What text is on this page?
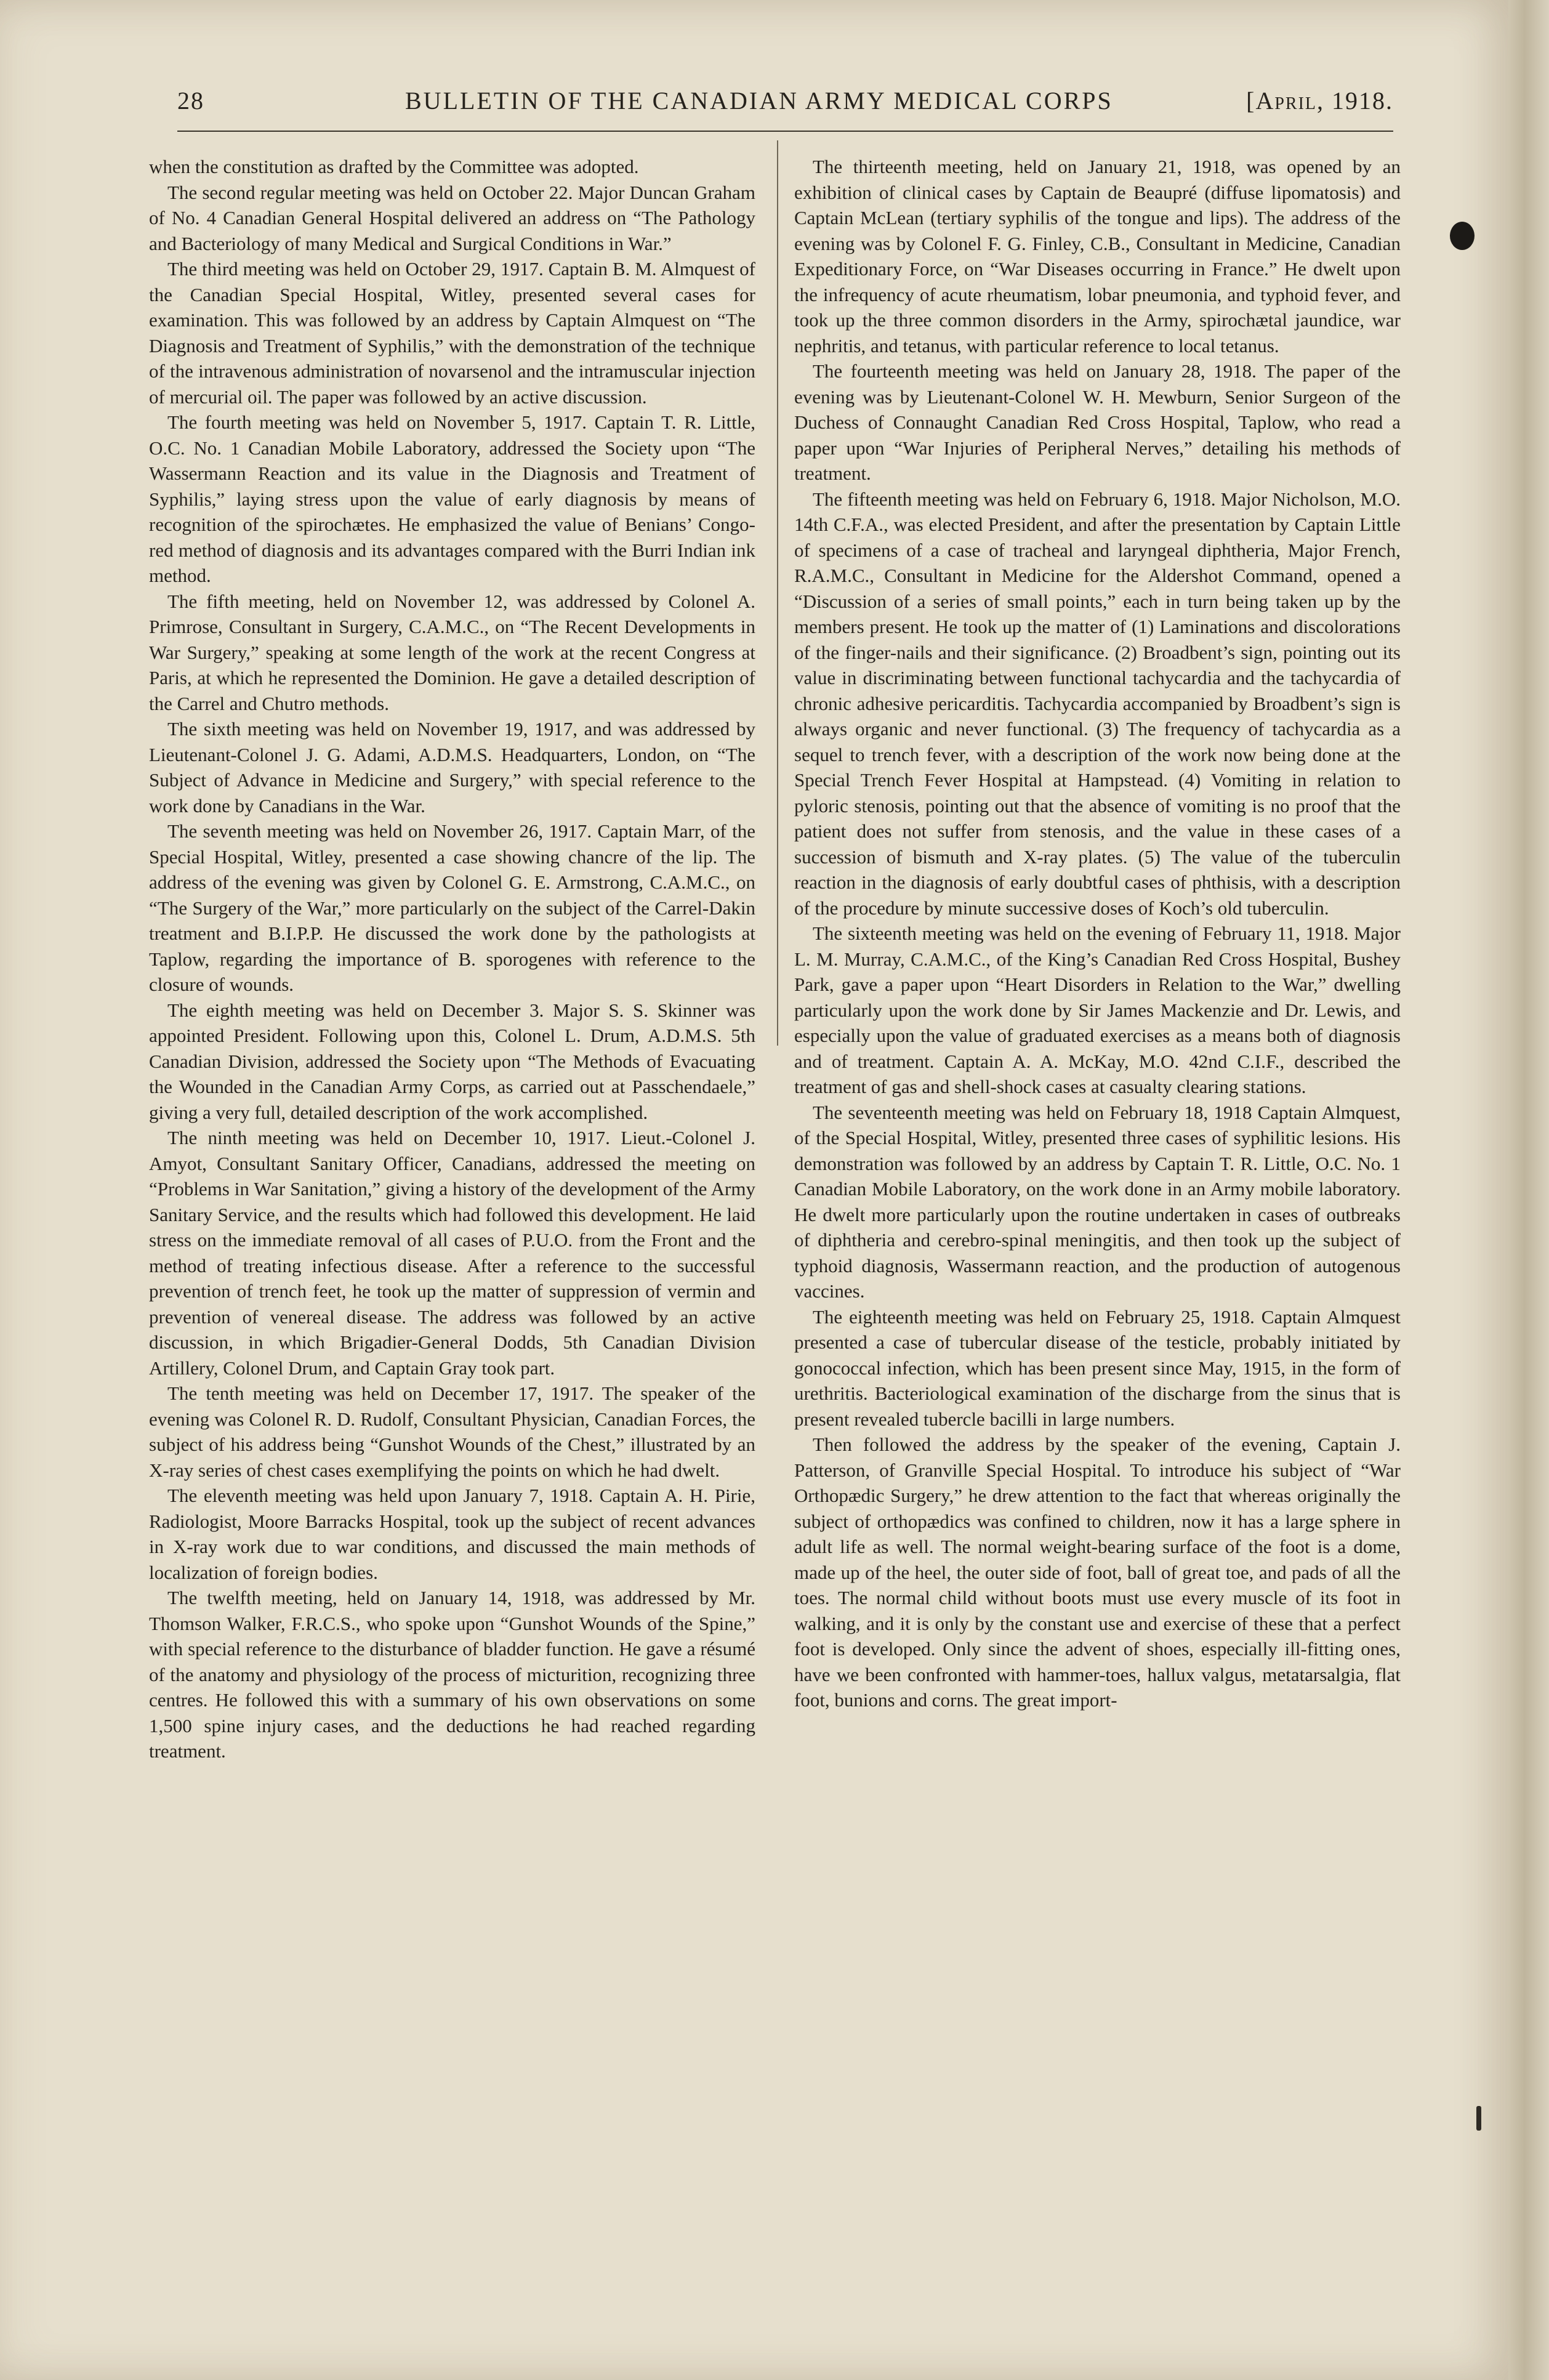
28	BULLETIN OF THE CANADIAN ARMY MEDICAL CORPS	[April, 1918.

when the constitution as drafted by the Committee was adopted.

The second regular meeting was held on October 22. Major Duncan Graham of No. 4 Canadian General Hospital delivered an address on “The Pathology and Bacteriology of many Medical and Surgical Conditions in War.”

The third meeting was held on October 29, 1917. Captain B. M. Almquest of the Canadian Special Hospital, Witley, presented several cases for examination. This was followed by an address by Captain Almquest on “The Diagnosis and Treatment of Syphilis,” with the demonstration of the technique of the intravenous administration of novarsenol and the intramuscular injection of mercurial oil. The paper was followed by an active discussion.

The fourth meeting was held on November 5, 1917. Captain T. R. Little, O.C. No. 1 Canadian Mobile Laboratory, addressed the Society upon “The Wassermann Reaction and its value in the Diagnosis and Treatment of Syphilis,” laying stress upon the value of early diagnosis by means of recognition of the spirochætes. He emphasized the value of Benians’ Congo-red method of diagnosis and its advantages compared with the Burri Indian ink method.

The fifth meeting, held on November 12, was addressed by Colonel A. Primrose, Consultant in Surgery, C.A.M.C., on “The Recent Developments in War Surgery,” speaking at some length of the work at the recent Congress at Paris, at which he represented the Dominion. He gave a detailed description of the Carrel and Chutro methods.

The sixth meeting was held on November 19, 1917, and was addressed by Lieutenant-Colonel J. G. Adami, A.D.M.S. Headquarters, London, on “The Subject of Advance in Medicine and Surgery,” with special reference to the work done by Canadians in the War.

The seventh meeting was held on November 26, 1917. Captain Marr, of the Special Hospital, Witley, presented a case showing chancre of the lip. The address of the evening was given by Colonel G. E. Armstrong, C.A.M.C., on “The Surgery of the War,” more particularly on the subject of the Carrel-Dakin treatment and B.I.P.P. He discussed the work done by the pathologists at Taplow, regarding the importance of B. sporogenes with reference to the closure of wounds.

The eighth meeting was held on December 3. Major S. S. Skinner was appointed President. Following upon this, Colonel L. Drum, A.D.M.S. 5th Canadian Division, addressed the Society upon “The Methods of Evacuating the Wounded in the Canadian Army Corps, as carried out at Passchendaele,” giving a very full, detailed description of the work accomplished.

The ninth meeting was held on December 10, 1917. Lieut.-Colonel J. Amyot, Consultant Sanitary Officer, Canadians, addressed the meeting on “Problems in War Sanitation,” giving a history of the development of the Army Sanitary Service, and the results which had followed this development. He laid stress on the immediate removal of all cases of P.U.O. from the Front and the method of treating infectious disease. After a reference to the successful prevention of trench feet, he took up the matter of suppression of vermin and prevention of venereal disease. The address was followed by an active discussion, in which Brigadier-General Dodds, 5th Canadian Division Artillery, Colonel Drum, and Captain Gray took part.

The tenth meeting was held on December 17, 1917. The speaker of the evening was Colonel R. D. Rudolf, Consultant Physician, Canadian Forces, the subject of his address being “Gunshot Wounds of the Chest,” illustrated by an X-ray series of chest cases exemplifying the points on which he had dwelt.

The eleventh meeting was held upon January 7, 1918. Captain A. H. Pirie, Radiologist, Moore Barracks Hospital, took up the subject of recent advances in X-ray work due to war conditions, and discussed the main methods of localization of foreign bodies.

The twelfth meeting, held on January 14, 1918, was addressed by Mr. Thomson Walker, F.R.C.S., who spoke upon “Gunshot Wounds of the Spine,” with special reference to the disturbance of bladder function. He gave a résumé of the anatomy and physiology of the process of micturition, recognizing three centres. He followed this with a summary of his own observations on some 1,500 spine injury cases, and the deductions he had reached regarding treatment.

The thirteenth meeting, held on January 21, 1918, was opened by an exhibition of clinical cases by Captain de Beaupré (diffuse lipomatosis) and Captain McLean (tertiary syphilis of the tongue and lips). The address of the evening was by Colonel F. G. Finley, C.B., Consultant in Medicine, Canadian Expeditionary Force, on “War Diseases occurring in France.” He dwelt upon the infrequency of acute rheumatism, lobar pneumonia, and typhoid fever, and took up the three common disorders in the Army, spirochætal jaundice, war nephritis, and tetanus, with particular reference to local tetanus.

The fourteenth meeting was held on January 28, 1918. The paper of the evening was by Lieutenant-Colonel W. H. Mewburn, Senior Surgeon of the Duchess of Connaught Canadian Red Cross Hospital, Taplow, who read a paper upon “War Injuries of Peripheral Nerves,” detailing his methods of treatment.

The fifteenth meeting was held on February 6, 1918. Major Nicholson, M.O. 14th C.F.A., was elected President, and after the presentation by Captain Little of specimens of a case of tracheal and laryngeal diphtheria, Major French, R.A.M.C., Consultant in Medicine for the Aldershot Command, opened a “Discussion of a series of small points,” each in turn being taken up by the members present. He took up the matter of (1) Laminations and discolorations of the finger-nails and their significance. (2) Broadbent’s sign, pointing out its value in discriminating between functional tachycardia and the tachycardia of chronic adhesive pericarditis. Tachycardia accompanied by Broadbent’s sign is always organic and never functional. (3) The frequency of tachycardia as a sequel to trench fever, with a description of the work now being done at the Special Trench Fever Hospital at Hampstead. (4) Vomiting in relation to pyloric stenosis, pointing out that the absence of vomiting is no proof that the patient does not suffer from stenosis, and the value in these cases of a succession of bismuth and X-ray plates. (5) The value of the tuberculin reaction in the diagnosis of early doubtful cases of phthisis, with a description of the procedure by minute successive doses of Koch’s old tuberculin.

The sixteenth meeting was held on the evening of February 11, 1918. Major L. M. Murray, C.A.M.C., of the King’s Canadian Red Cross Hospital, Bushey Park, gave a paper upon “Heart Disorders in Relation to the War,” dwelling particularly upon the work done by Sir James Mackenzie and Dr. Lewis, and especially upon the value of graduated exercises as a means both of diagnosis and of treatment. Captain A. A. McKay, M.O. 42nd C.I.F., described the treatment of gas and shell-shock cases at casualty clearing stations.

The seventeenth meeting was held on February 18, 1918 Captain Almquest, of the Special Hospital, Witley, presented three cases of syphilitic lesions. His demonstration was followed by an address by Captain T. R. Little, O.C. No. 1 Canadian Mobile Laboratory, on the work done in an Army mobile laboratory. He dwelt more particularly upon the routine undertaken in cases of outbreaks of diphtheria and cerebro-spinal meningitis, and then took up the subject of typhoid diagnosis, Wassermann reaction, and the production of autogenous vaccines.

The eighteenth meeting was held on February 25, 1918. Captain Almquest presented a case of tubercular disease of the testicle, probably initiated by gonococcal infection, which has been present since May, 1915, in the form of urethritis. Bacteriological examination of the discharge from the sinus that is present revealed tubercle bacilli in large numbers.

Then followed the address by the speaker of the evening, Captain J. Patterson, of Granville Special Hospital. To introduce his subject of “War Orthopædic Surgery,” he drew attention to the fact that whereas originally the subject of orthopædics was confined to children, now it has a large sphere in adult life as well. The normal weight-bearing surface of the foot is a dome, made up of the heel, the outer side of foot, ball of great toe, and pads of all the toes. The normal child without boots must use every muscle of its foot in walking, and it is only by the constant use and exercise of these that a perfect foot is developed. Only since the advent of shoes, especially ill-fitting ones, have we been confronted with hammer-toes, hallux valgus, metatarsalgia, flat foot, bunions and corns. The great import-
